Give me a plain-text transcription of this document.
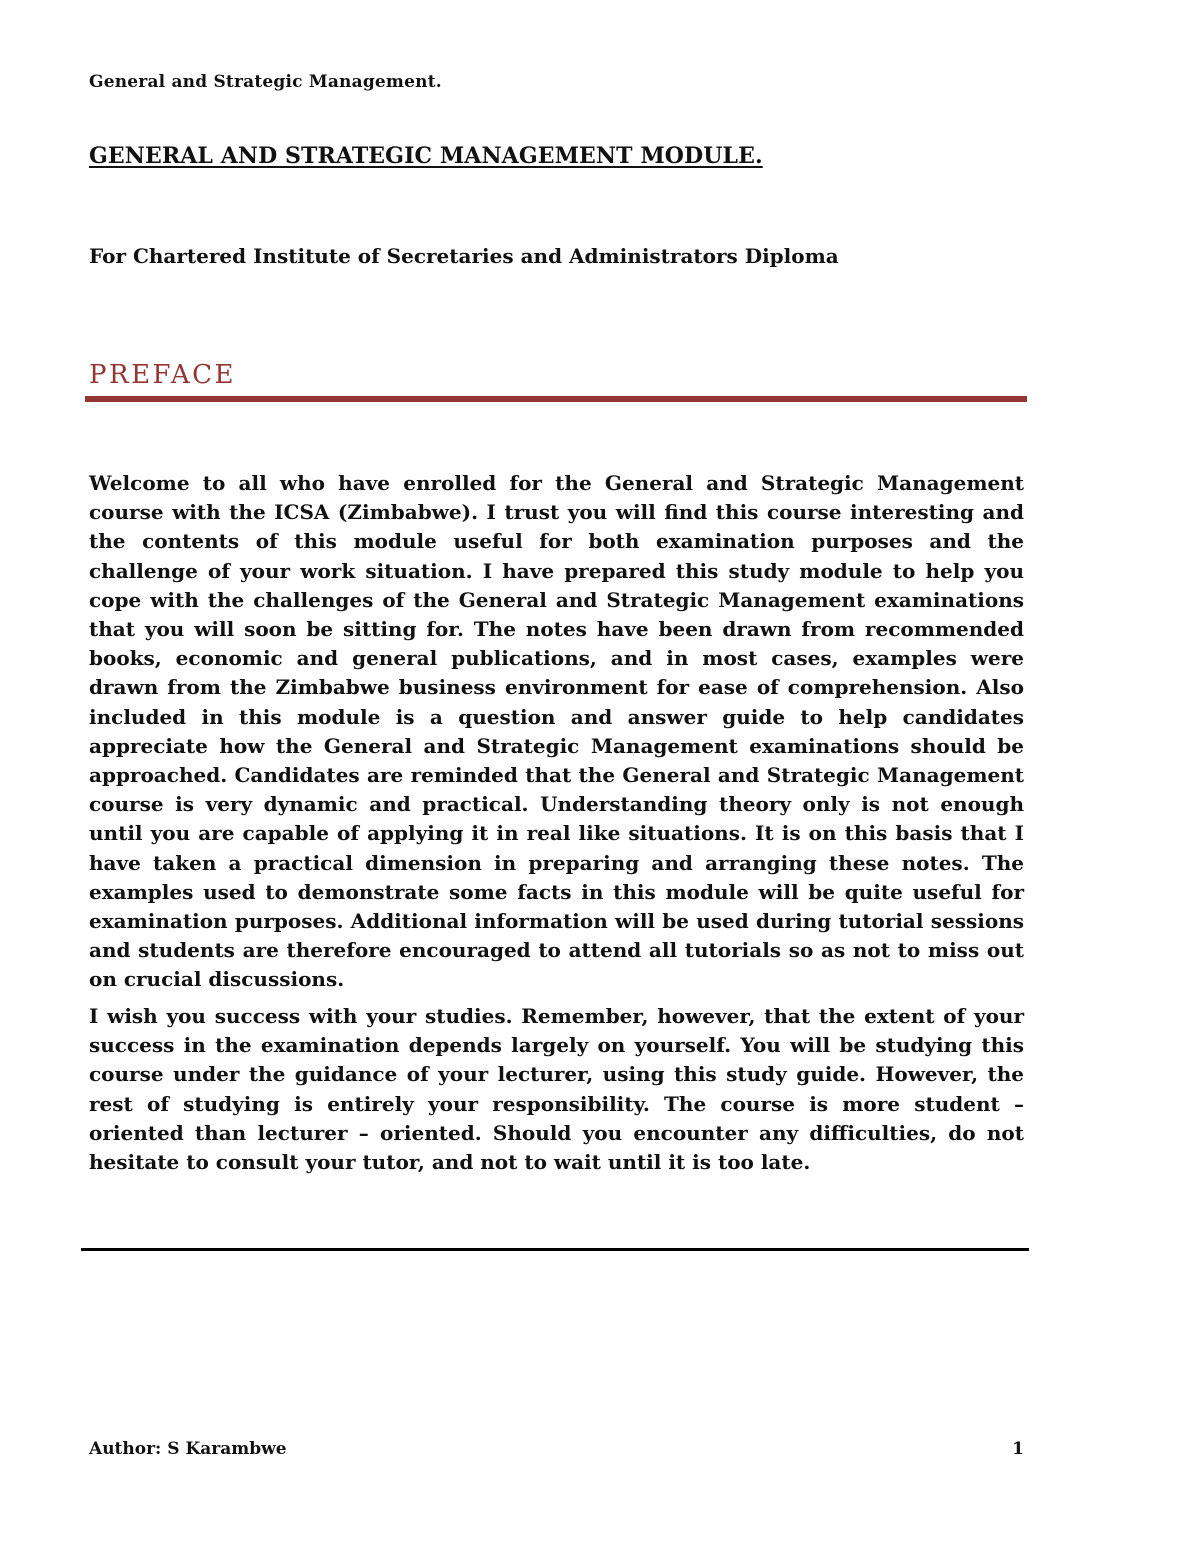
General and Strategic Management.
GENERAL AND STRATEGIC MANAGEMENT MODULE.

For Chartered Institute of Secretaries and Administrators Diploma

PREFACE

Welcome to all who have enrolled for the General and Strategic Management course with the ICSA (Zimbabwe). I trust you will find this course interesting and the contents of this module useful for both examination purposes and the challenge of your work situation. I have prepared this study module to help you cope with the challenges of the General and Strategic Management examinations that you will soon be sitting for. The notes have been drawn from recommended books, economic and general publications, and in most cases, examples were drawn from the Zimbabwe business environment for ease of comprehension. Also included in this module is a question and answer guide to help candidates appreciate how the General and Strategic Management examinations should be approached. Candidates are reminded that the General and Strategic Management course is very dynamic and practical. Understanding theory only is not enough until you are capable of applying it in real like situations. It is on this basis that I have taken a practical dimension in preparing and arranging these notes. The examples used to demonstrate some facts in this module will be quite useful for examination purposes. Additional information will be used during tutorial sessions and students are therefore encouraged to attend all tutorials so as not to miss out on crucial discussions.

I wish you success with your studies. Remember, however, that the extent of your success in the examination depends largely on yourself. You will be studying this course under the guidance of your lecturer, using this study guide. However, the rest of studying is entirely your responsibility. The course is more student – oriented than lecturer – oriented. Should you encounter any difficulties, do not hesitate to consult your tutor, and not to wait until it is too late.

Author: S Karambwe	1
